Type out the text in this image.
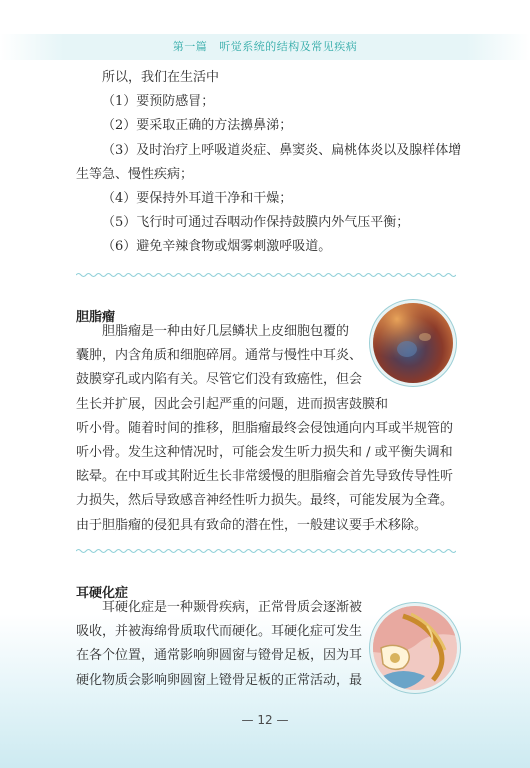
第一篇 听觉系统的结构及常见疾病
所以，我们在生活中
（1）要预防感冒；
（2）要采取正确的方法擤鼻涕；
（3）及时治疗上呼吸道炎症、鼻窦炎、扁桃体炎以及腺样体增
生等急、慢性疾病；
（4）要保持外耳道干净和干燥；
（5）飞行时可通过吞咽动作保持鼓膜内外气压平衡；
（6）避免辛辣食物或烟雾刺激呼吸道。
胆脂瘤
胆脂瘤是一种由好几层鳞状上皮细胞包覆的
囊肿，内含角质和细胞碎屑。通常与慢性中耳炎、
鼓膜穿孔或内陷有关。尽管它们没有致癌性，但会
生长并扩展，因此会引起严重的问题，进而损害鼓膜和
听小骨。随着时间的推移，胆脂瘤最终会侵蚀通向内耳或半规管的
听小骨。发生这种情况时，可能会发生听力损失和 / 或平衡失调和
眩晕。在中耳或其附近生长非常缓慢的胆脂瘤会首先导致传导性听
力损失，然后导致感音神经性听力损失。最终，可能发展为全聋。
由于胆脂瘤的侵犯具有致命的潜在性，一般建议要手术移除。
耳硬化症
耳硬化症是一种颞骨疾病，正常骨质会逐渐被
吸收，并被海绵骨质取代而硬化。耳硬化症可发生
在各个位置，通常影响卵圆窗与镫骨足板，因为耳
硬化物质会影响卵圆窗上镫骨足板的正常活动，最
— 12 —
